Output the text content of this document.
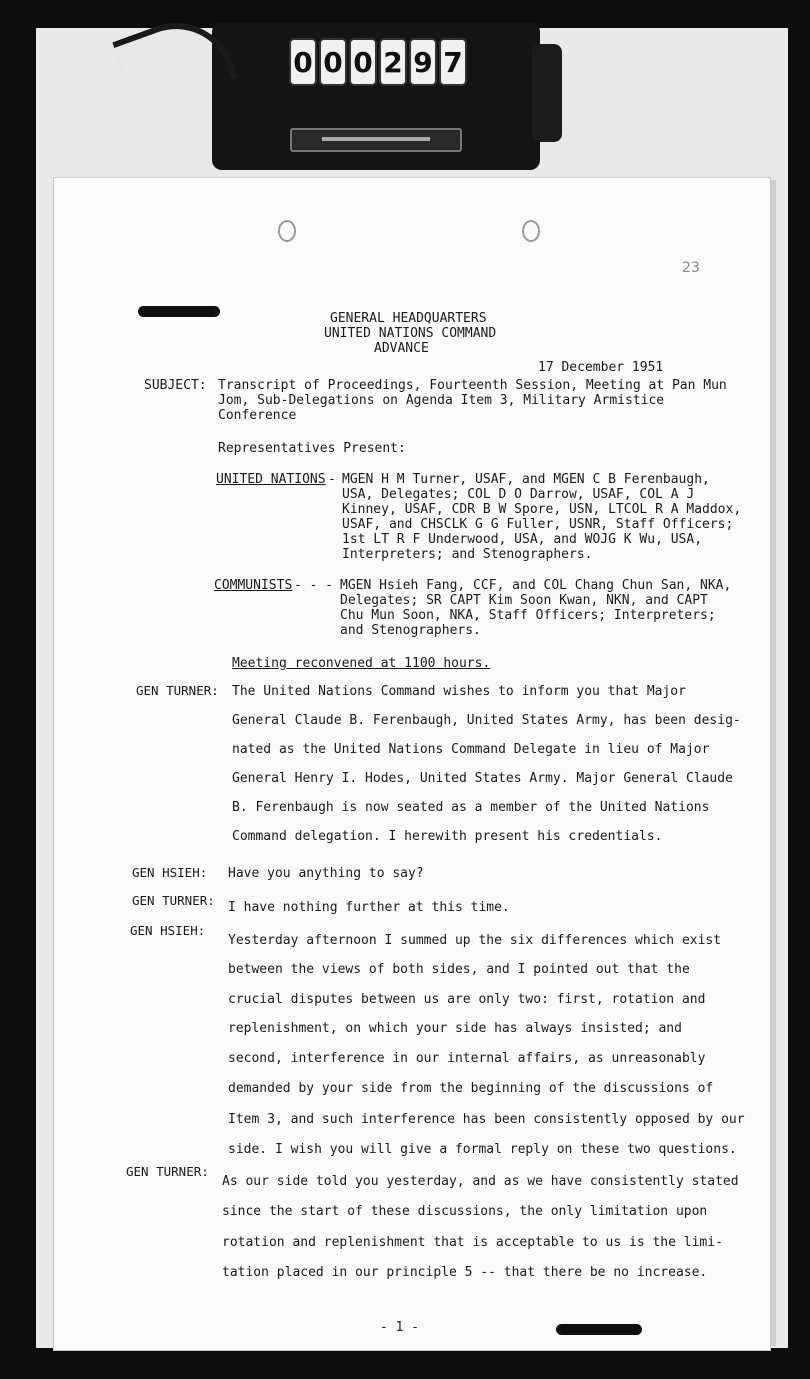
0 0 0 2 9 7
23
GENERAL HEADQUARTERS
UNITED NATIONS COMMAND
ADVANCE
17 December 1951
SUBJECT: Transcript of Proceedings, Fourteenth Session, Meeting at Pan Mun
Jom, Sub-Delegations on Agenda Item 3, Military Armistice
Conference
Representatives Present:
UNITED NATIONS - MGEN H M Turner, USAF, and MGEN C B Ferenbaugh,
USA, Delegates; COL D O Darrow, USAF, COL A J
Kinney, USAF, CDR B W Spore, USN, LTCOL R A Maddox,
USAF, and CHSCLK G G Fuller, USNR, Staff Officers;
1st LT R F Underwood, USA, and WOJG K Wu, USA,
Interpreters; and Stenographers.
COMMUNISTS - - - MGEN Hsieh Fang, CCF, and COL Chang Chun San, NKA,
Delegates; SR CAPT Kim Soon Kwan, NKN, and CAPT
Chu Mun Soon, NKA, Staff Officers; Interpreters;
and Stenographers.
Meeting reconvened at 1100 hours.
GEN TURNER: The United Nations Command wishes to inform you that Major
General Claude B. Ferenbaugh, United States Army, has been desig-
nated as the United Nations Command Delegate in lieu of Major
General Henry I. Hodes, United States Army. Major General Claude
B. Ferenbaugh is now seated as a member of the United Nations
Command delegation. I herewith present his credentials.
GEN HSIEH: Have you anything to say?
GEN TURNER: I have nothing further at this time.
GEN HSIEH:
Yesterday afternoon I summed up the six differences which exist
between the views of both sides, and I pointed out that the
crucial disputes between us are only two: first, rotation and
replenishment, on which your side has always insisted; and
second, interference in our internal affairs, as unreasonably
demanded by your side from the beginning of the discussions of
Item 3, and such interference has been consistently opposed by our
side. I wish you will give a formal reply on these two questions.
GEN TURNER:
As our side told you yesterday, and as we have consistently stated
since the start of these discussions, the only limitation upon
rotation and replenishment that is acceptable to us is the limi-
tation placed in our principle 5 -- that there be no increase.
- 1 -
